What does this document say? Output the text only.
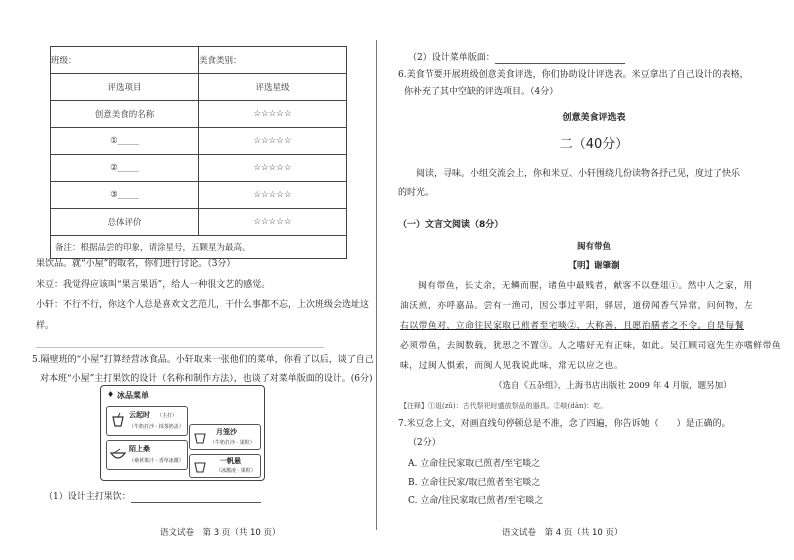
班级：	美食类别：
评选项目	评选星级
创意美食的名称	☆☆☆☆☆
①_____	☆☆☆☆☆
②_____	☆☆☆☆☆
③_____	☆☆☆☆☆
总体评价	☆☆☆☆☆
备注：根据品尝的印象，请涂星号，五颗星为最高。	
果饮品。就“小屋”的取名，你们进行讨论。（3分）
米豆：我觉得应该叫“果言果语”，给人一种很文艺的感觉。
小轩：不行不行，你这个人总是喜欢文艺范儿，干什么事都不忘，上次班级会选址这
样。
________________________________________________________________
5.隔壁班的“小屋”打算经营冰食品。小轩取来一张他们的菜单，你看了以后，谈了自己
对本班“小屋”主打果饮的设计（名称和制作方法），也谈了对菜单版面的设计。(6分)
♦ 冰品菜单
云起时 （主打）
（牛奶打沙 · 抹茶奶盖）
月笼沙
（牛奶打沙 · 果粒）
陌上桑
（桑葚果汁 · 香草冰激）	一帆悬
（冰激凌 · 果粒）
（1）设计主打果饮：
语文试卷　第 3 页（共 10 页）
（2）设计菜单版面：
6.美食节要开展班级创意美食评选，你们协助设计评选表。米豆拿出了自己设计的表格，
你补充了其中空缺的评选项目。（4分）
创意美食评选表
二（40分）
阅读，寻味。小组交流会上，你和米豆、小轩围绕几份读物各抒己见，度过了快乐
的时光。
（一）文言文阅读（8分）
闽有带鱼
【明】谢肇淛
闽有带鱼，长丈余，无鳞而腥，诸鱼中最贱者，献客不以登俎①。然中人之家，用
油沃煎，亦呼嘉品。尝有一渔司，因公事过平阳，驿居，道傍闻香气异常，问何物，左
右以带鱼对，立命往民家取已煎者至宅啖②，大称善，且愿治膳者之不令。自是每餐
必须带鱼，去闽数载，犹思之不置③。人之嗜好无有正味，如此。吴江顾司寇先生亦嗜鲜带鱼
味，过闽人惧索，而闽人见我说此味，常无以应之也。
（选自《五杂组》，上海书店出版社 2009 年 4 月版，题另加）
【注释】①俎(zǔ)：古代祭祀时盛放祭品的器具。②啖(dàn)：吃。
7.米豆念上文，对画直线句停顿总是不准，念了四遍，你告诉她（　　）是正确的。
（2分）
A. 立命往民家取已煎者/至宅啖之
B. 立命往民家/取已煎者至宅啖之
C. 立命/往民家取已煎者/至宅啖之
语文试卷　第 4 页（共 10 页）
